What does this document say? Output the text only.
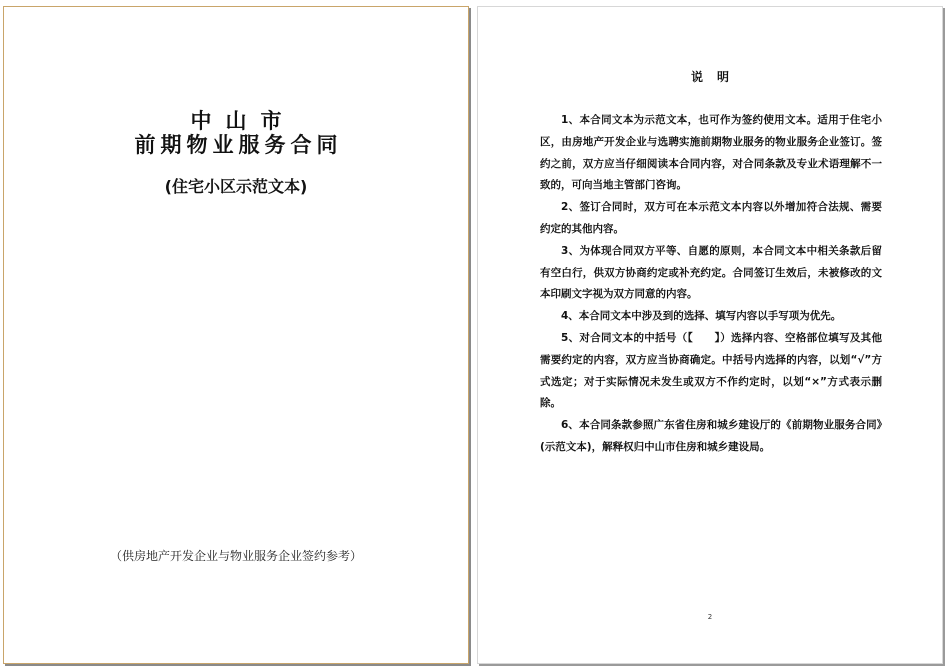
中山市
前期物业服务合同
(住宅小区示范文本)
（供房地产开发企业与物业服务企业签约参考）
说明

1、本合同文本为示范文本，也可作为签约使用文本。适用于住宅小区，由房地产开发企业与选聘实施前期物业服务的物业服务企业签订。签约之前，双方应当仔细阅读本合同内容，对合同条款及专业术语理解不一致的，可向当地主管部门咨询。

2、签订合同时，双方可在本示范文本内容以外增加符合法规、需要约定的其他内容。

3、为体现合同双方平等、自愿的原则，本合同文本中相关条款后留有空白行，供双方协商约定或补充约定。合同签订生效后，未被修改的文本印刷文字视为双方同意的内容。

4、本合同文本中涉及到的选择、填写内容以手写项为优先。

5、对合同文本的中括号（【　　】）选择内容、空格部位填写及其他需要约定的内容，双方应当协商确定。中括号内选择的内容，以划“√”方式选定；对于实际情况未发生或双方不作约定时，以划“×”方式表示删除。

6、本合同条款参照广东省住房和城乡建设厅的《前期物业服务合同》(示范文本)，解释权归中山市住房和城乡建设局。

2
